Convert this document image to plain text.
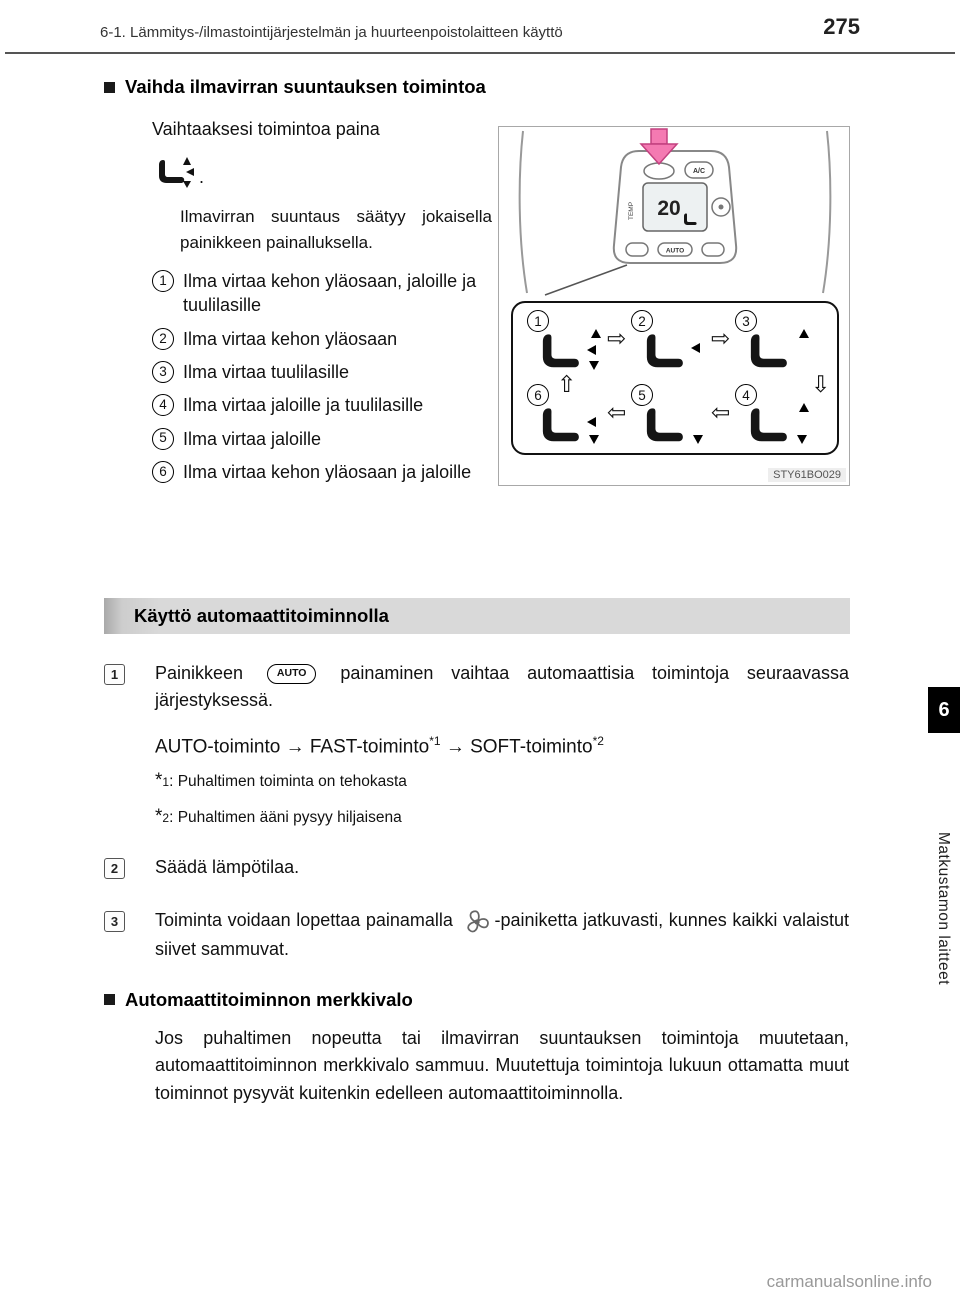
6-1. Lämmitys-/ilmastointijärjestelmän ja huurteenpoistolaitteen käyttö	275
Vaihda ilmavirran suuntauksen toimintoa

Vaihtaaksesi toimintoa paina

.

Ilmavirran suuntaus säätyy jokaisella painikkeen painalluksella.

1 Ilma virtaa kehon yläosaan, jaloille ja tuulilasille
2 Ilma virtaa kehon yläosaan
3 Ilma virtaa tuulilasille
4 Ilma virtaa jaloille ja tuulilasille
5 Ilma virtaa jaloille
6 Ilma virtaa kehon yläosaan ja jaloille
A/C
20
TEMP
AUTO
1
⇨
2
⇨
3
⇧	⇩
6
⇦
5
⇦
4
STY61BO029
Käyttö automaattitoiminnolla
1	Painikkeen	AUTO painaminen vaihtaa automaattisia toimintoja seuraavassa järjestyksessä.
AUTO-toiminto → FAST-toiminto$^{*1}$ → SOFT-toiminto$^{*2}$
*1: Puhaltimen toiminta on tehokasta
*2: Puhaltimen ääni pysyy hiljaisena
2	Säädä lämpötilaa.
3	Toiminta voidaan lopettaa painamalla -painiketta jatkuvasti, kunnes kaikki valaistut siivet sammuvat.
Automaattitoiminnon merkkivalo

Jos puhaltimen nopeutta tai ilmavirran suuntauksen toimintoja muutetaan, automaattitoiminnon merkkivalo sammuu. Muutettuja toimintoja lukuun ottamatta muut toiminnot pysyvät kuitenkin edelleen automaattitoiminnolla.

6
Matkustamon laitteet
carmanualsonline.info
